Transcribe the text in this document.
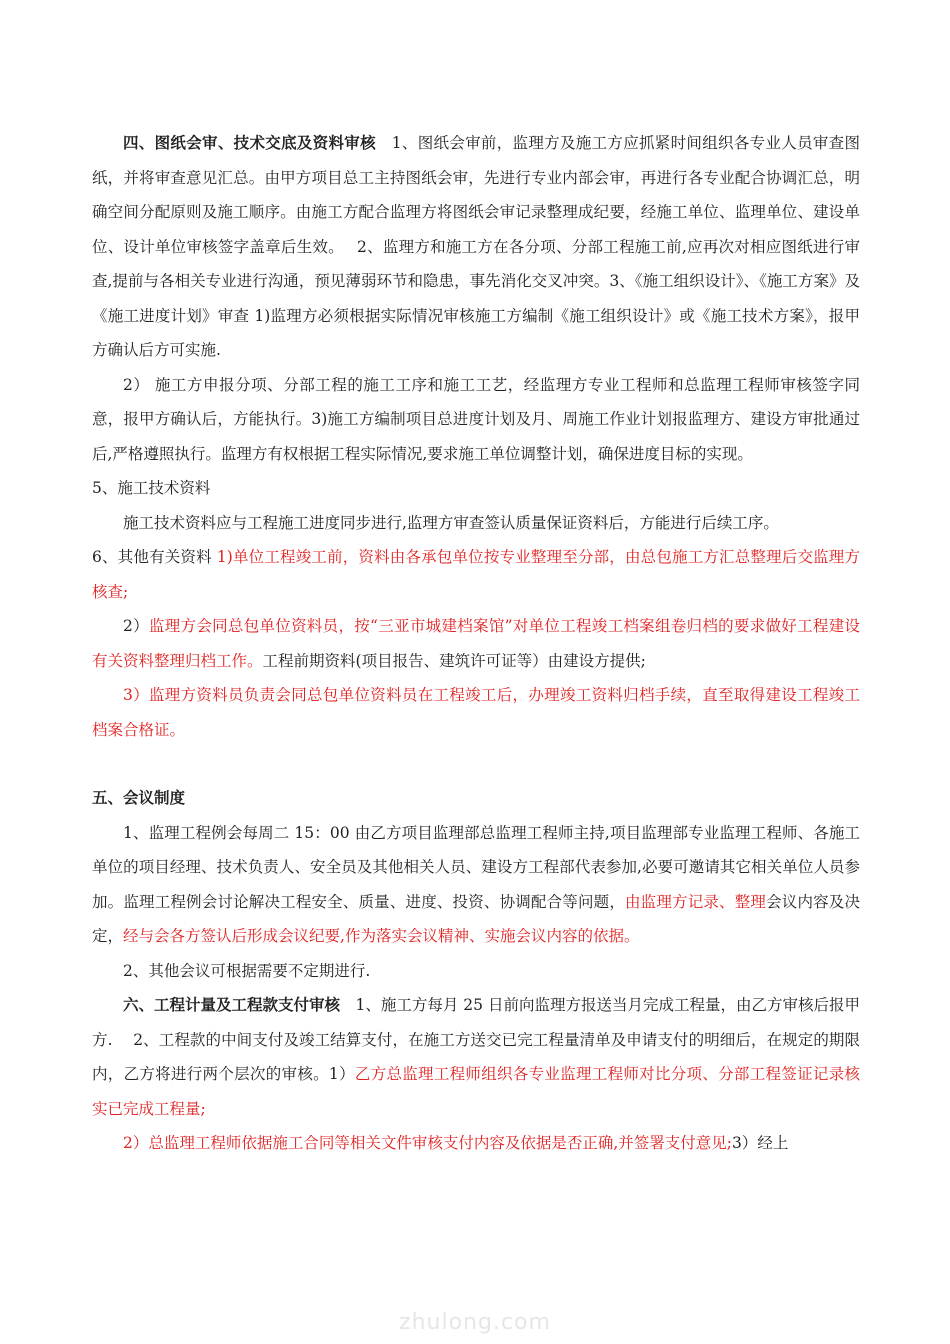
四、图纸会审、技术交底及资料审核　1、图纸会审前，监理方及施工方应抓紧时间组织各专业人员审查图纸，并将审查意见汇总。由甲方项目总工主持图纸会审，先进行专业内部会审，再进行各专业配合协调汇总，明确空间分配原则及施工顺序。由施工方配合监理方将图纸会审记录整理成纪要，经施工单位、监理单位、建设单位、设计单位审核签字盖章后生效。　 2、监理方和施工方在各分项、分部工程施工前,应再次对相应图纸进行审查,提前与各相关专业进行沟通，预见薄弱环节和隐患，事先消化交叉冲突。3、《施工组织设计》、《施工方案》及《施工进度计划》审查 1)监理方必须根据实际情况审核施工方编制《施工组织设计》或《施工技术方案》，报甲方确认后方可实施.

2） 施工方申报分项、分部工程的施工工序和施工工艺，经监理方专业工程师和总监理工程师审核签字同意，报甲方确认后，方能执行。3)施工方编制项目总进度计划及月、周施工作业计划报监理方、建设方审批通过后,严格遵照执行。监理方有权根据工程实际情况,要求施工单位调整计划，确保进度目标的实现。

5、施工技术资料

施工技术资料应与工程施工进度同步进行,监理方审查签认质量保证资料后，方能进行后续工序。

6、其他有关资料 1)单位工程竣工前，资料由各承包单位按专业整理至分部，由总包施工方汇总整理后交监理方核查;

2）监理方会同总包单位资料员，按“三亚市城建档案馆”对单位工程竣工档案组卷归档的要求做好工程建设有关资料整理归档工作。工程前期资料(项目报告、建筑许可证等）由建设方提供;

3）监理方资料员负责会同总包单位资料员在工程竣工后，办理竣工资料归档手续，直至取得建设工程竣工档案合格证。

五、会议制度

1、监理工程例会每周二 15：00 由乙方项目监理部总监理工程师主持,项目监理部专业监理工程师、各施工单位的项目经理、技术负责人、安全员及其他相关人员、建设方工程部代表参加,必要可邀请其它相关单位人员参加。监理工程例会讨论解决工程安全、质量、进度、投资、协调配合等问题，由监理方记录、整理会议内容及决定，经与会各方签认后形成会议纪要,作为落实会议精神、实施会议内容的依据。

2、其他会议可根据需要不定期进行.

六、工程计量及工程款支付审核　1、施工方每月 25 日前向监理方报送当月完成工程量，由乙方审核后报甲方.　 2、工程款的中间支付及竣工结算支付，在施工方送交已完工程量清单及申请支付的明细后，在规定的期限内，乙方将进行两个层次的审核。1）乙方总监理工程师组织各专业监理工程师对比分项、分部工程签证记录核实已完成工程量;

2）总监理工程师依据施工合同等相关文件审核支付内容及依据是否正确,并签署支付意见;3）经上

zhulong.com
